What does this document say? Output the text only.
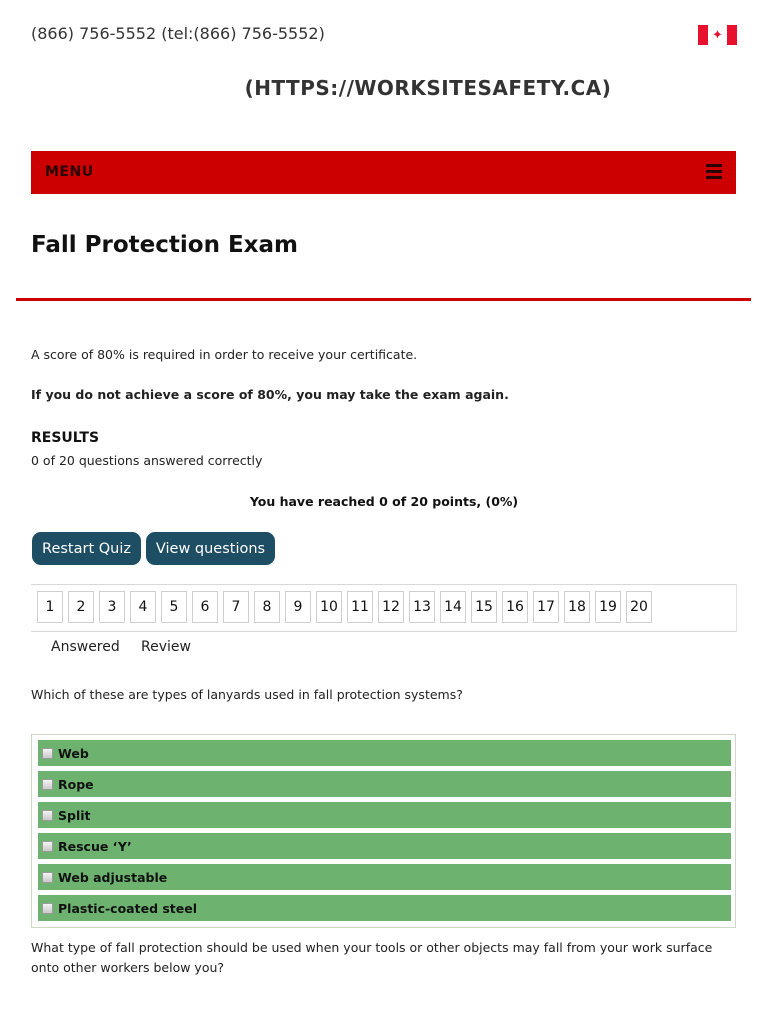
(866) 756-5552 (tel:(866) 756-5552)	✦
(HTTPS://WORKSITESAFETY.CA)
MENU
Fall Protection Exam
A score of 80% is required in order to receive your certificate.
If you do not achieve a score of 80%, you may take the exam again.
RESULTS
0 of 20 questions answered correctly
You have reached 0 of 20 points, (0%)
Restart Quiz	View questions
1	2	3	4	5	6	7	8	9	10 11 12 13 14 15 16 17 18 19 20
Answered Review
Which of these are types of lanyards used in fall protection systems?
Web
Rope
Split
Rescue ‘Y’
Web adjustable
Plastic-coated steel
What type of fall protection should be used when your tools or other objects may fall from your work surface onto other workers below you?
